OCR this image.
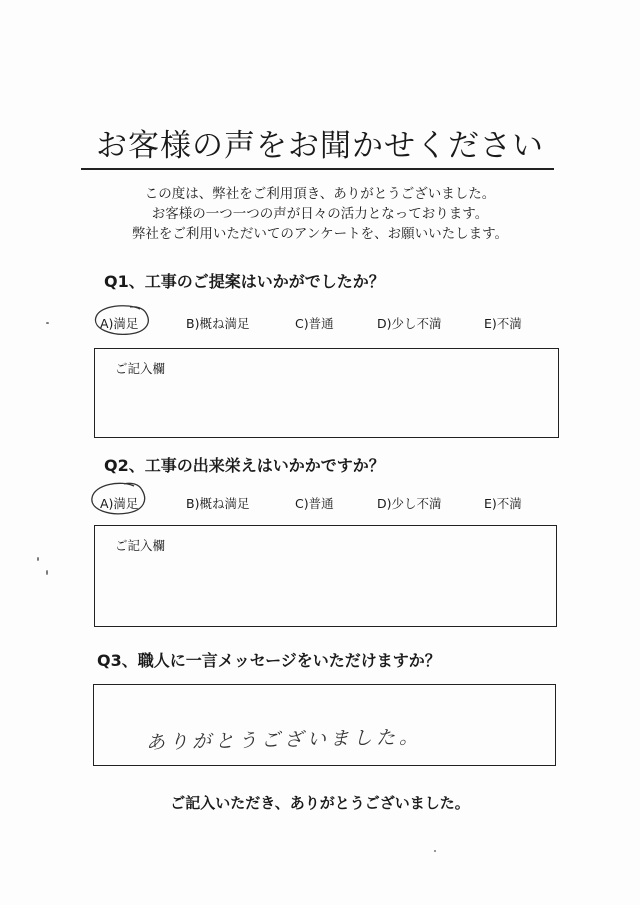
お客様の声をお聞かせください
この度は、弊社をご利用頂き、ありがとうございました。
お客様の一つ一つの声が日々の活力となっております。
弊社をご利用いただいてのアンケートを、お願いいたします。
Q1、工事のご提案はいかがでしたか？
A)満足	B)概ね満足	C)普通	D)少し不満	E)不満
ご記入欄
Q2、工事の出来栄えはいかかですか？
A)満足	B)概ね満足	C)普通	D)少し不満	E)不満
ご記入欄
Q3、職人に一言メッセージをいただけますか？
ありがとうございました。
ご記入いただき、ありがとうございました。
